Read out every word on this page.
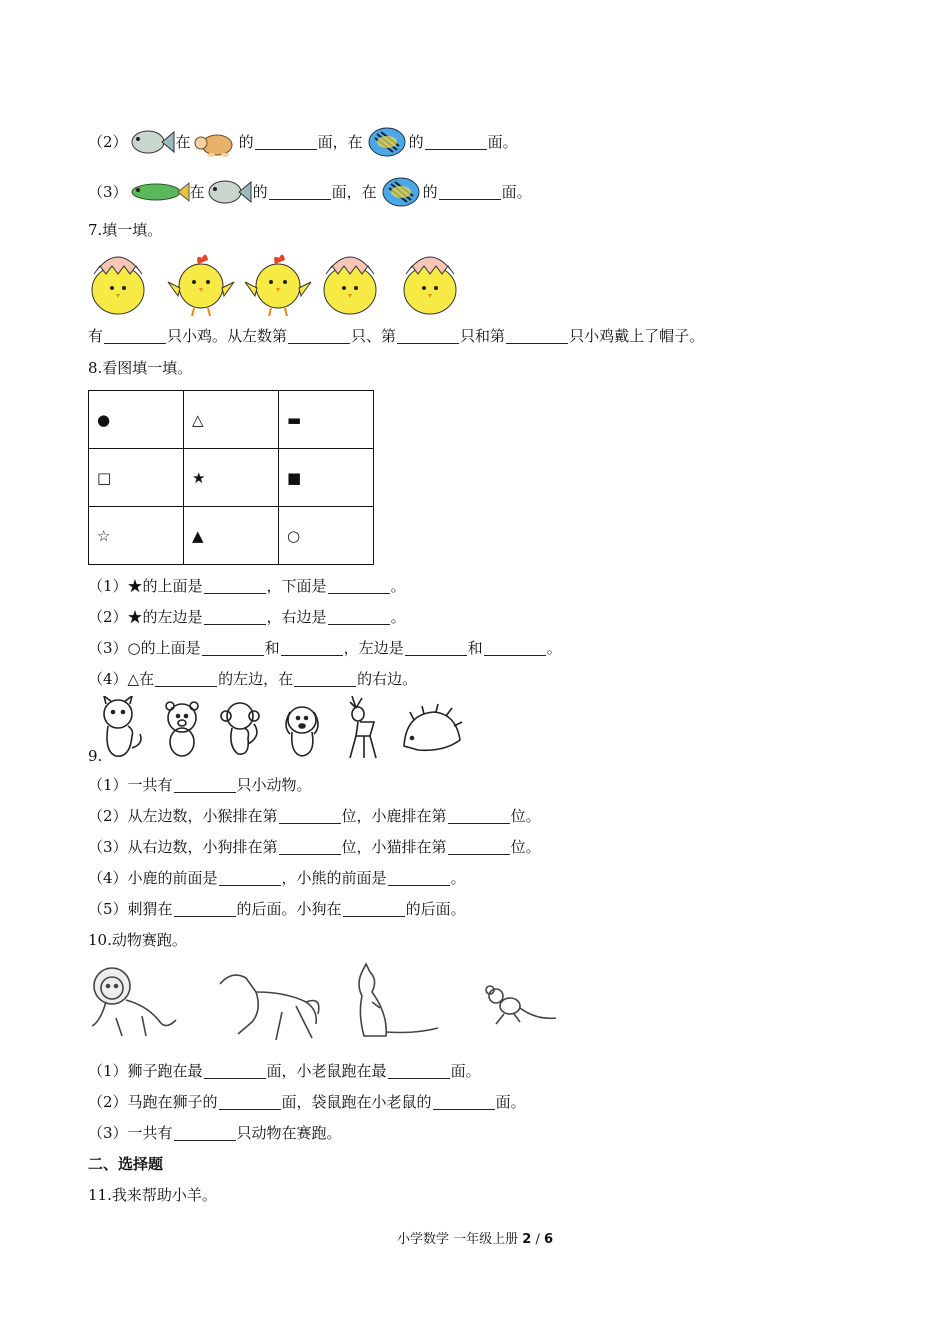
（2）	在	的	面，在	的	面。
（3）	在	的	面，在	的	面。
7.填一填。
有	只小鸡。从左数第	只、第	只和第	只小鸡戴上了帽子。
8.看图填一填。
●	△	▬
□	★	■
☆	▲	○
（1）★的上面是	，下面是	。
（2）★的左边是	，右边是	。
（3）○的上面是	和	，左边是	和	。
（4）△在	的左边，在	的右边。
9.
（1）一共有	只小动物。
（2）从左边数，小猴排在第	位，小鹿排在第	位。
（3）从右边数，小狗排在第	位，小猫排在第	位。
（4）小鹿的前面是	，小熊的前面是	。
（5）刺猬在	的后面。小狗在	的后面。
10.动物赛跑。
（1）狮子跑在最	面，小老鼠跑在最	面。
（2）马跑在狮子的	面，袋鼠跑在小老鼠的	面。
（3）一共有	只动物在赛跑。
二、选择题
11.我来帮助小羊。
小学数学 一年级上册 2 / 6
